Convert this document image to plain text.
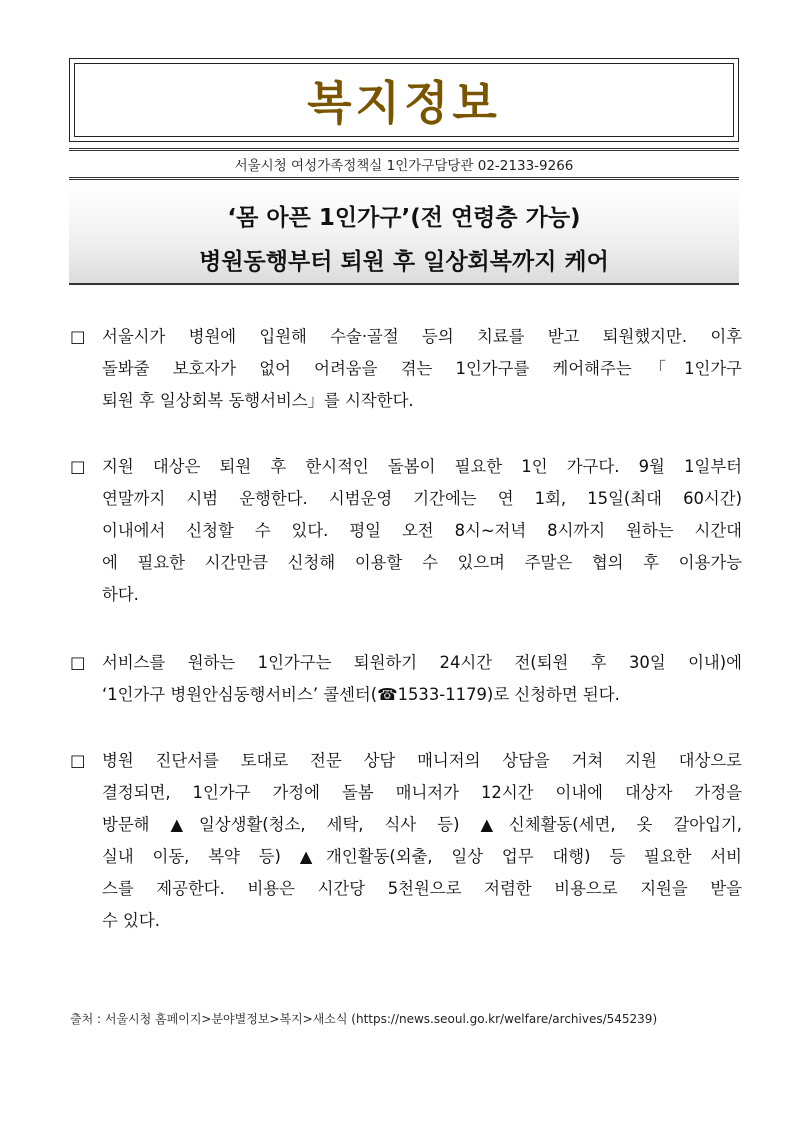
복지정보
서울시청 여성가족정책실 1인가구담당관 02-2133-9266
‘몸 아픈 1인가구’(전 연령층 가능)
병원동행부터 퇴원 후 일상회복까지 케어
□ 서울시가 병원에 입원해 수술·골절 등의 치료를 받고 퇴원했지만. 이후
돌봐줄 보호자가 없어 어려움을 겪는 1인가구를 케어해주는「1인가구
퇴원 후 일상회복 동행서비스」를 시작한다.
□ 지원 대상은 퇴원 후 한시적인 돌봄이 필요한 1인 가구다. 9월 1일부터
연말까지 시범 운행한다. 시범운영 기간에는 연 1회, 15일(최대 60시간)
이내에서 신청할 수 있다. 평일 오전 8시~저녁 8시까지 원하는 시간대
에 필요한 시간만큼 신청해 이용할 수 있으며 주말은 협의 후 이용가능
하다.
□ 서비스를 원하는 1인가구는 퇴원하기 24시간 전(퇴원 후 30일 이내)에
‘1인가구 병원안심동행서비스’ 콜센터(☎1533-1179)로 신청하면 된다.
□ 병원 진단서를 토대로 전문 상담 매니저의 상담을 거쳐 지원 대상으로
결정되면, 1인가구 가정에 돌봄 매니저가 12시간 이내에 대상자 가정을
방문해 ▲일상생활(청소, 세탁, 식사 등) ▲신체활동(세면, 옷 갈아입기,
실내 이동, 복약 등) ▲개인활동(외출, 일상 업무 대행) 등 필요한 서비
스를 제공한다. 비용은 시간당 5천원으로 저렴한 비용으로 지원을 받을
수 있다.
출처 : 서울시청 홈페이지>분야별정보>복지>새소식 (https://news.seoul.go.kr/welfare/archives/545239)
